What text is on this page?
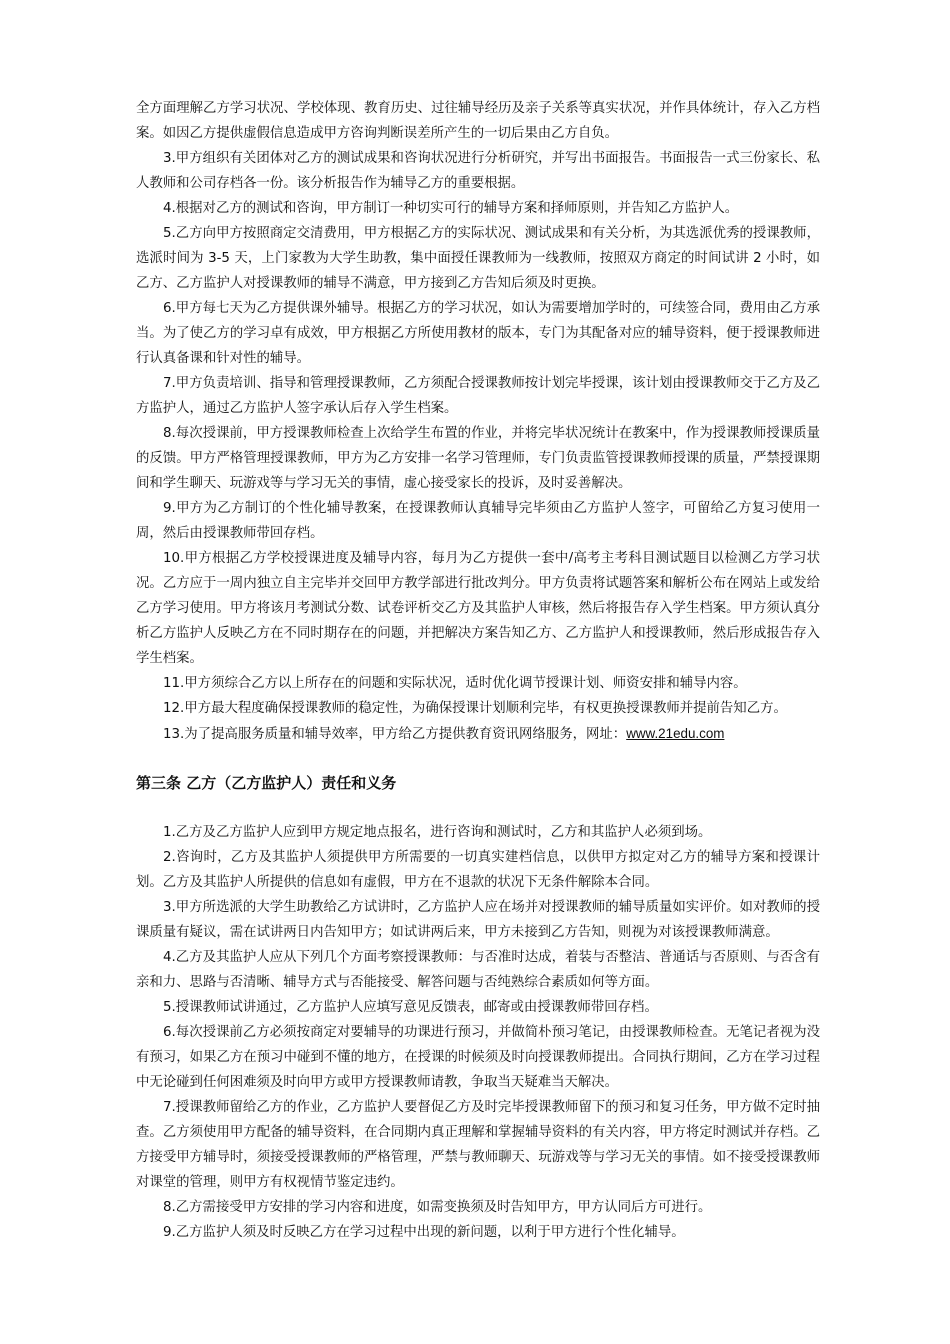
全方面理解乙方学习状况、学校体现、教育历史、过往辅导经历及亲子关系等真实状况，并作具体统计，存入乙方档案。如因乙方提供虚假信息造成甲方咨询判断误差所产生的一切后果由乙方自负。

3.甲方组织有关团体对乙方的测试成果和咨询状况进行分析研究，并写出书面报告。书面报告一式三份家长、私人教师和公司存档各一份。该分析报告作为辅导乙方的重要根据。

4.根据对乙方的测试和咨询，甲方制订一种切实可行的辅导方案和择师原则，并告知乙方监护人。

5.乙方向甲方按照商定交清费用，甲方根据乙方的实际状况、测试成果和有关分析，为其选派优秀的授课教师，选派时间为 3-5 天，上门家教为大学生助教，集中面授任课教师为一线教师，按照双方商定的时间试讲 2 小时，如乙方、乙方监护人对授课教师的辅导不满意，甲方接到乙方告知后须及时更换。

6.甲方每七天为乙方提供课外辅导。根据乙方的学习状况，如认为需要增加学时的，可续签合同，费用由乙方承当。为了使乙方的学习卓有成效，甲方根据乙方所使用教材的版本，专门为其配备对应的辅导资料，便于授课教师进行认真备课和针对性的辅导。

7.甲方负责培训、指导和管理授课教师，乙方须配合授课教师按计划完毕授课，该计划由授课教师交于乙方及乙方监护人，通过乙方监护人签字承认后存入学生档案。

8.每次授课前，甲方授课教师检查上次给学生布置的作业，并将完毕状况统计在教案中，作为授课教师授课质量的反馈。甲方严格管理授课教师，甲方为乙方安排一名学习管理师，专门负责监管授课教师授课的质量，严禁授课期间和学生聊天、玩游戏等与学习无关的事情，虚心接受家长的投诉，及时妥善解决。

9.甲方为乙方制订的个性化辅导教案，在授课教师认真辅导完毕须由乙方监护人签字，可留给乙方复习使用一周，然后由授课教师带回存档。

10.甲方根据乙方学校授课进度及辅导内容，每月为乙方提供一套中/高考主考科目测试题目以检测乙方学习状况。乙方应于一周内独立自主完毕并交回甲方教学部进行批改判分。甲方负责将试题答案和解析公布在网站上或发给乙方学习使用。甲方将该月考测试分数、试卷评析交乙方及其监护人审核，然后将报告存入学生档案。甲方须认真分析乙方监护人反映乙方在不同时期存在的问题，并把解决方案告知乙方、乙方监护人和授课教师，然后形成报告存入学生档案。

11.甲方须综合乙方以上所存在的问题和实际状况，适时优化调节授课计划、师资安排和辅导内容。

12.甲方最大程度确保授课教师的稳定性，为确保授课计划顺利完毕，有权更换授课教师并提前告知乙方。

13.为了提高服务质量和辅导效率，甲方给乙方提供教育资讯网络服务，网址：www.21edu.com

第三条 乙方（乙方监护人）责任和义务

1.乙方及乙方监护人应到甲方规定地点报名，进行咨询和测试时，乙方和其监护人必须到场。

2.咨询时，乙方及其监护人须提供甲方所需要的一切真实建档信息，以供甲方拟定对乙方的辅导方案和授课计划。乙方及其监护人所提供的信息如有虚假，甲方在不退款的状况下无条件解除本合同。

3.甲方所选派的大学生助教给乙方试讲时，乙方监护人应在场并对授课教师的辅导质量如实评价。如对教师的授课质量有疑议，需在试讲两日内告知甲方；如试讲两后来，甲方未接到乙方告知，则视为对该授课教师满意。

4.乙方及其监护人应从下列几个方面考察授课教师：与否准时达成，着装与否整洁、普通话与否原则、与否含有亲和力、思路与否清晰、辅导方式与否能接受、解答问题与否纯熟综合素质如何等方面。

5.授课教师试讲通过，乙方监护人应填写意见反馈表，邮寄或由授课教师带回存档。

6.每次授课前乙方必须按商定对要辅导的功课进行预习，并做简朴预习笔记，由授课教师检查。无笔记者视为没有预习，如果乙方在预习中碰到不懂的地方，在授课的时候须及时向授课教师提出。合同执行期间，乙方在学习过程中无论碰到任何困难须及时向甲方或甲方授课教师请教，争取当天疑难当天解决。

7.授课教师留给乙方的作业，乙方监护人要督促乙方及时完毕授课教师留下的预习和复习任务，甲方做不定时抽查。乙方须使用甲方配备的辅导资料，在合同期内真正理解和掌握辅导资料的有关内容，甲方将定时测试并存档。乙方接受甲方辅导时，须接受授课教师的严格管理，严禁与教师聊天、玩游戏等与学习无关的事情。如不接受授课教师对课堂的管理，则甲方有权视情节鉴定违约。

8.乙方需接受甲方安排的学习内容和进度，如需变换须及时告知甲方，甲方认同后方可进行。

9.乙方监护人须及时反映乙方在学习过程中出现的新问题，以利于甲方进行个性化辅导。
